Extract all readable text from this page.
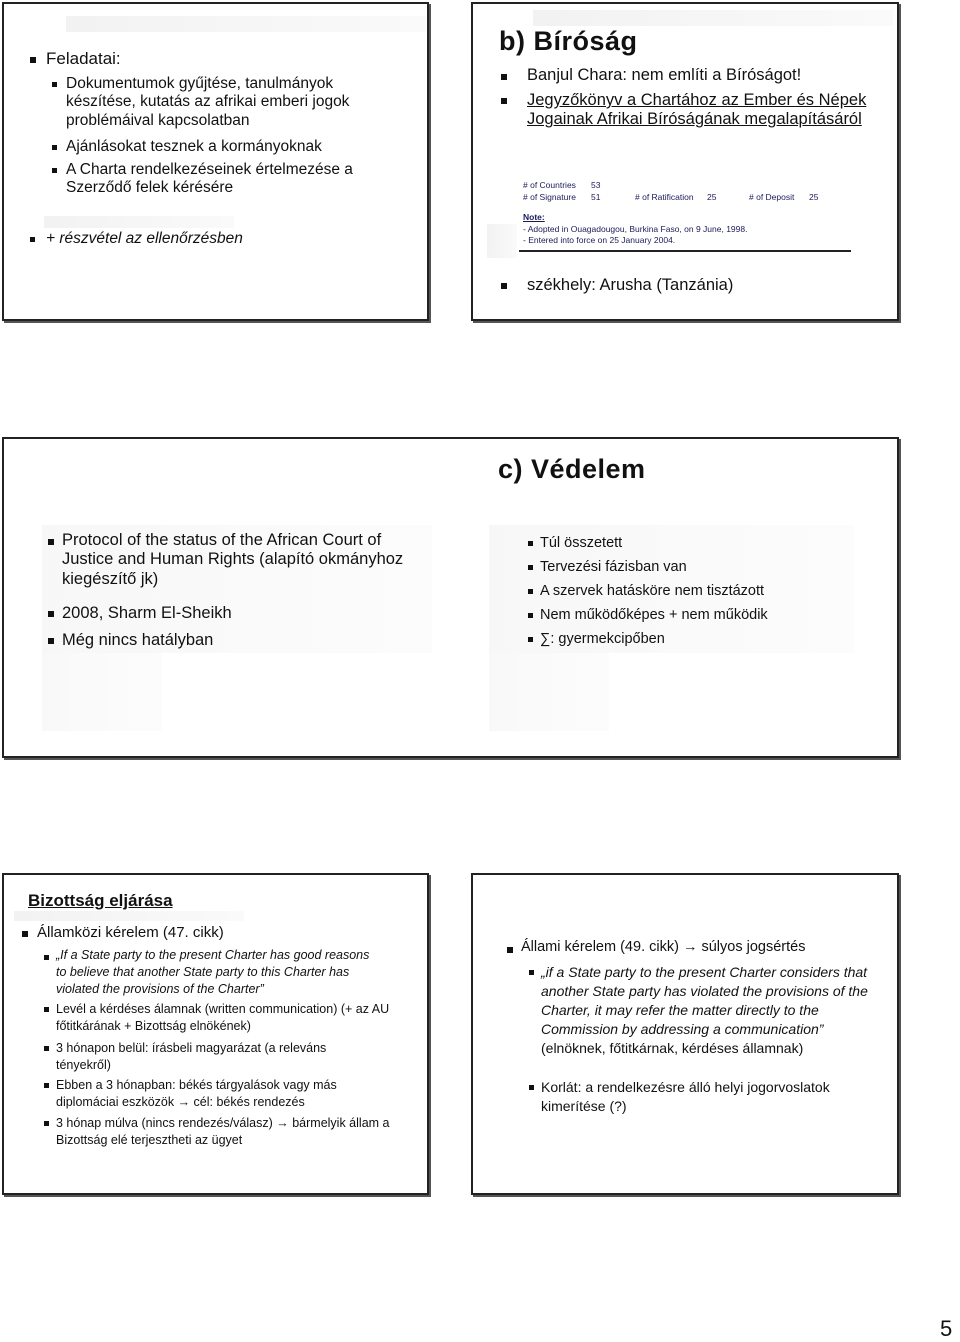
Feladatai:
Dokumentumok gyűjtése, tanulmányok készítése, kutatás az afrikai emberi jogok problémáival kapcsolatban
Ajánlásokat tesznek a kormányoknak
A Charta rendelkezéseinek értelmezése a Szerződő felek kérésére
+ részvétel az ellenőrzésben
b) Bíróság
Banjul Chara: nem említi a Bíróságot!
Jegyzőkönyv a Chartához az Ember és Népek Jogainak Afrikai Bíróságának megalapításáról
# of Countries 53
# of Signature 51	# of Ratification 25	# of Deposit 25
Note:
- Adopted in Ouagadougou, Burkina Faso, on 9 June, 1998.
- Entered into force on 25 January 2004.
székhely: Arusha (Tanzánia)
c) Védelem
Protocol of the status of the African Court of Justice and Human Rights (alapító okmányhoz kiegészítő jk)
2008, Sharm El-Sheikh
Még nincs hatályban
Túl összetett
Tervezési fázisban van
A szervek hatásköre nem tisztázott
Nem működőképes + nem működik
∑: gyermekcipőben
Bizottság eljárása
Államközi kérelem (47. cikk)
„If a State party to the present Charter has good reasons to believe that another State party to this Charter has violated the provisions of the Charter”
Levél a kérdéses álamnak (written communication) (+ az AU főtitkárának + Bizottság elnökének)
3 hónapon belül: írásbeli magyarázat (a releváns tényekről)
Ebben a 3 hónapban: békés tárgyalások vagy más diplomáciai eszközök → cél: békés rendezés
3 hónap múlva (nincs rendezés/válasz) → bármelyik állam a Bizottság elé terjesztheti az ügyet
Állami kérelem (49. cikk) → súlyos jogsértés
„if a State party to the present Charter considers that another State party has violated the provisions of the Charter, it may refer the matter directly to the Commission by addressing a communication” (elnöknek, főtitkárnak, kérdéses államnak)
Korlát: a rendelkezésre álló helyi jogorvoslatok kimerítése (?)
5
